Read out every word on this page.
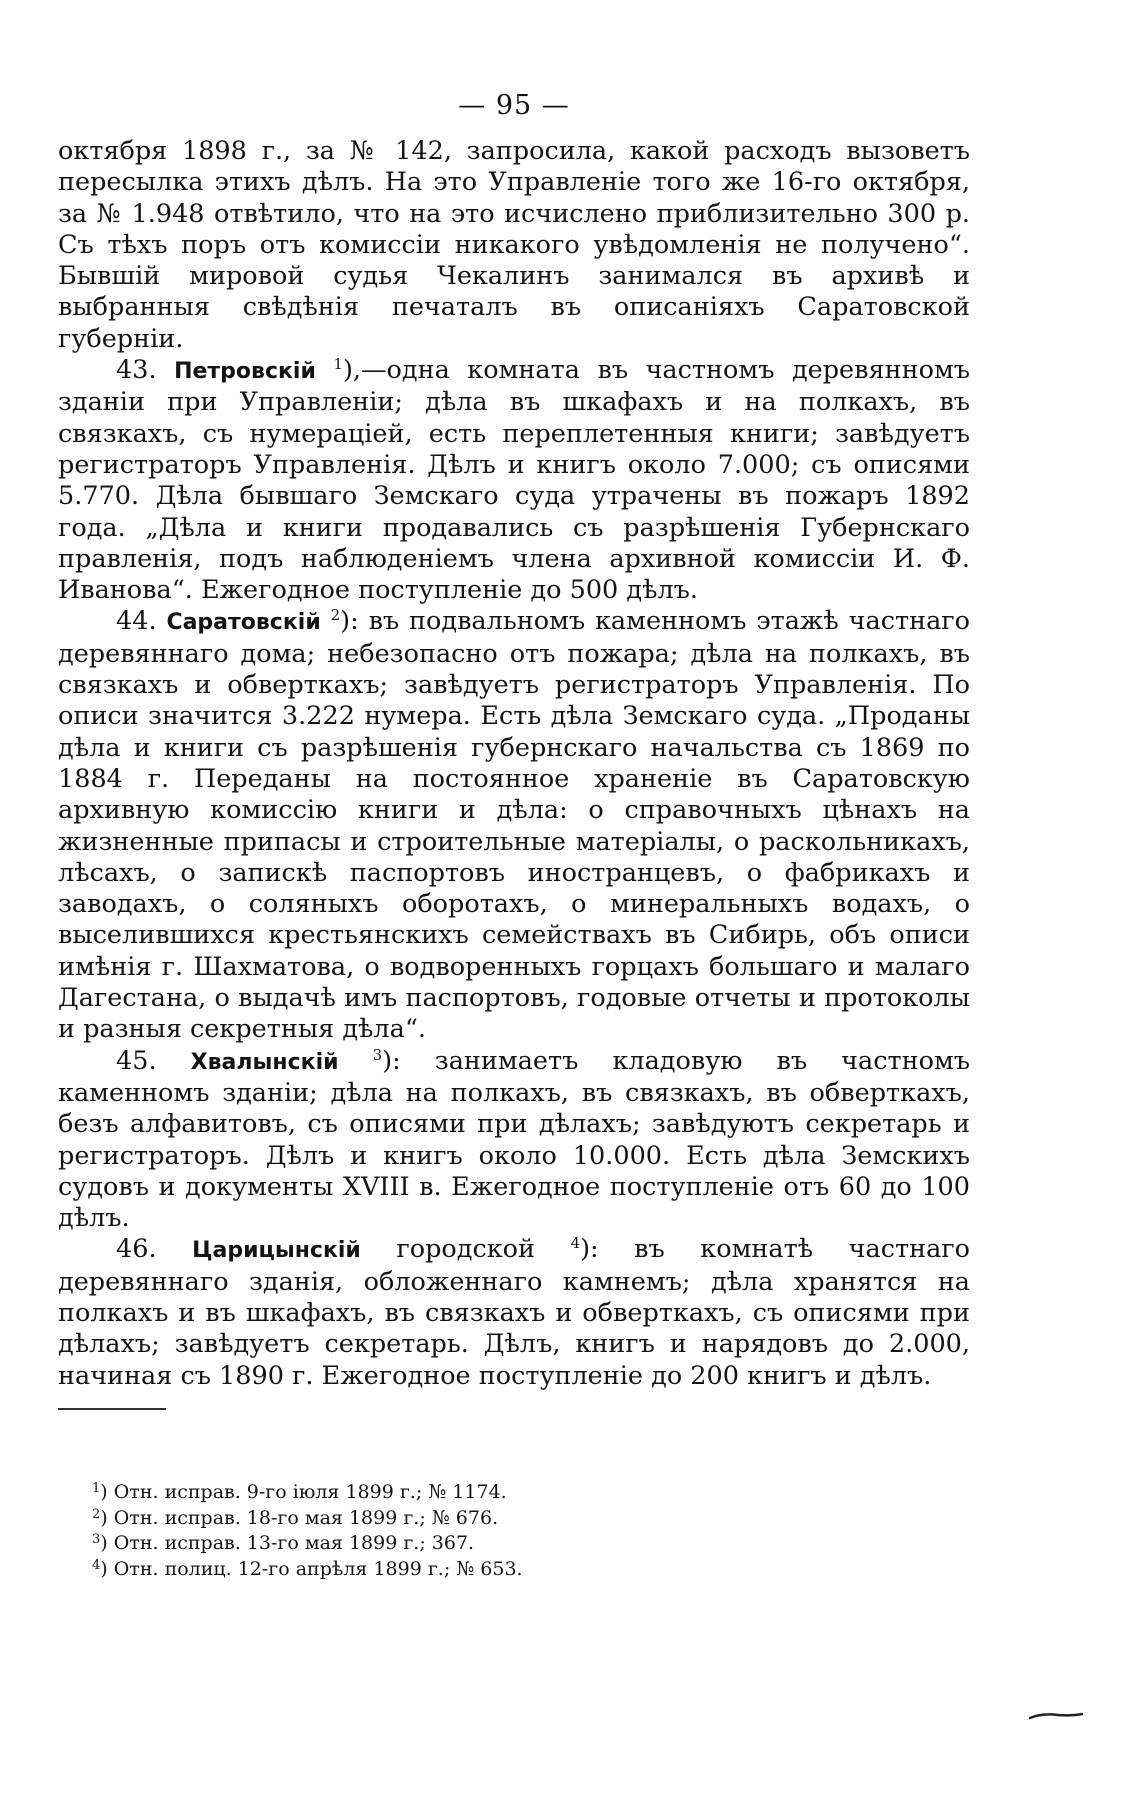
— 95 —

октября 1898 г., за № 142, запросила, какой расходъ вызоветъ пересылка этихъ дѣлъ. На это Управленіе того же 16-го октября, за № 1.948 отвѣтило, что на это исчислено приблизительно 300 р. Съ тѣхъ поръ отъ комиссіи никакого увѣдомленія не получено“. Бывшій мировой судья Чекалинъ занимался въ архивѣ и выбранныя свѣдѣнія печаталъ въ описаніяхъ Саратовской губерніи.

43. Петровскій $^1$),—одна комната въ частномъ деревянномъ зданіи при Управленіи; дѣла въ шкафахъ и на полкахъ, въ связкахъ, съ нумераціей, есть переплетенныя книги; завѣдуетъ регистраторъ Управленія. Дѣлъ и книгъ около 7.000; съ описями 5.770. Дѣла бывшаго Земскаго суда утрачены въ пожаръ 1892 года. „Дѣла и книги продавались съ разрѣшенія Губернскаго правленія, подъ наблюденіемъ члена архивной комиссіи И. Ф. Иванова“. Ежегодное поступленіе до 500 дѣлъ.

44. Саратовскій $^2$): въ подвальномъ каменномъ этажѣ частнаго деревяннаго дома; небезопасно отъ пожара; дѣла на полкахъ, въ связкахъ и обверткахъ; завѣдуетъ регистраторъ Управленія. По описи значится 3.222 нумера. Есть дѣла Земскаго суда. „Проданы дѣла и книги съ разрѣшенія губернскаго начальства съ 1869 по 1884 г. Переданы на постоянное храненіе въ Саратовскую архивную комиссію книги и дѣла: о справочныхъ цѣнахъ на жизненные припасы и строительные матеріалы, о раскольникахъ, лѣсахъ, о запискѣ паспортовъ иностранцевъ, о фабрикахъ и заводахъ, о соляныхъ оборотахъ, о минеральныхъ водахъ, о выселившихся крестьянскихъ семействахъ въ Сибирь, объ описи имѣнія г. Шахматова, о водворенныхъ горцахъ большаго и малаго Дагестана, о выдачѣ имъ паспортовъ, годовые отчеты и протоколы и разныя секретныя дѣла“.

45. Хвалынскій $^3$): занимаетъ кладовую въ частномъ каменномъ зданіи; дѣла на полкахъ, въ связкахъ, въ обверткахъ, безъ алфавитовъ, съ описями при дѣлахъ; завѣдуютъ секретарь и регистраторъ. Дѣлъ и книгъ около 10.000. Есть дѣла Земскихъ судовъ и документы XVIII в. Ежегодное поступленіе отъ 60 до 100 дѣлъ.

46. Царицынскій городской $^4$): въ комнатѣ частнаго деревяннаго зданія, обложеннаго камнемъ; дѣла хранятся на полкахъ и въ шкафахъ, въ связкахъ и обверткахъ, съ описями при дѣлахъ; завѣдуетъ секретарь. Дѣлъ, книгъ и нарядовъ до 2.000, начиная съ 1890 г. Ежегодное поступленіе до 200 книгъ и дѣлъ.

$^1$) Отн. исправ. 9-го іюля 1899 г.; № 1174.

$^2$) Отн. исправ. 18-го мая 1899 г.; № 676.

$^3$) Отн. исправ. 13-го мая 1899 г.; 367.

$^4$) Отн. полиц. 12-го апрѣля 1899 г.; № 653.
